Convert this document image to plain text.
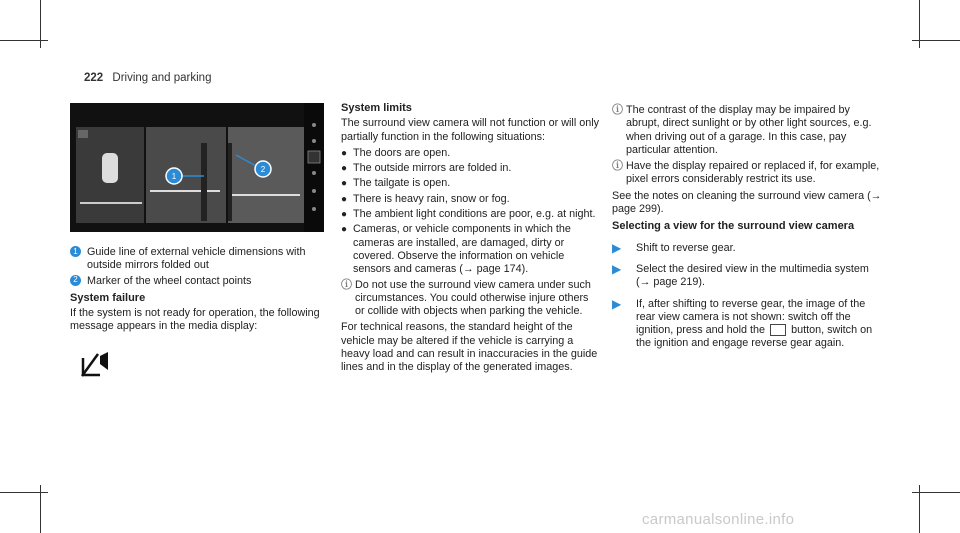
222 Driving and parking
1
2
1 Guide line of external vehicle dimensions with outside mirrors folded out
2 Marker of the wheel contact points
System failure

If the system is not ready for operation, the following message appears in the media display:

System limits

The surround view camera will not function or will only partially function in the following situations:

● The doors are open.
● The outside mirrors are folded in.
● The tailgate is open.
● There is heavy rain, snow or fog.
● The ambient light conditions are poor, e.g. at night.
● Cameras, or vehicle components in which the cameras are installed, are damaged, dirty or covered. Observe the information on vehicle sensors and cameras (→ page 174).
ⓘ Do not use the surround view camera under such circumstances. You could otherwise injure others or collide with objects when parking the vehicle.

For technical reasons, the standard height of the vehicle may be altered if the vehicle is carrying a heavy load and can result in inaccuracies in the guide lines and in the display of the generated images.

ⓘ The contrast of the display may be impaired by abrupt, direct sunlight or by other light sources, e.g. when driving out of a garage. In this case, pay particular attention.
ⓘ Have the display repaired or replaced if, for example, pixel errors considerably restrict its use.

See the notes on cleaning the surround view camera (→ page 299).

Selecting a view for the surround view camera
▶	Shift to reverse gear.
▶	Select the desired view in the multimedia system (→ page 219).
▶	If, after shifting to reverse gear, the image of the rear view camera is not shown: switch off the ignition, press and hold the button, switch on the ignition and engage reverse gear again.
carmanualsonline.info
